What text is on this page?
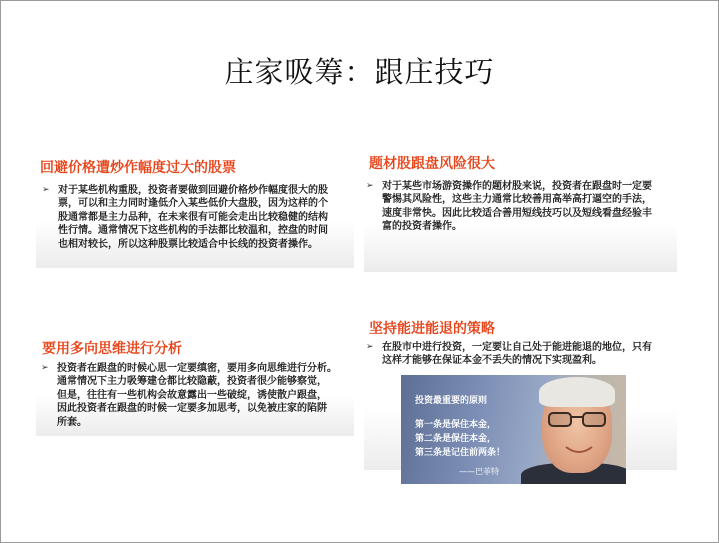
庄家吸筹：跟庄技巧
回避价格遭炒作幅度过大的股票
➢ 对于某些机构重股，投资者要做到回避价格炒作幅度很大的股
票，可以和主力同时逢低介入某些低价大盘股，因为这样的个
股通常都是主力品种，在未来很有可能会走出比较稳健的结构
性行情。通常情况下这些机构的手法都比较温和，控盘的时间
也相对较长，所以这种股票比较适合中长线的投资者操作。
题材股跟盘风险很大
➢ 对于某些市场游资操作的题材股来说，投资者在跟盘时一定要
警惕其风险性，这些主力通常比较善用高举高打逼空的手法，
速度非常快。因此比较适合善用短线技巧以及短线看盘经验丰
富的投资者操作。
要用多向思维进行分析
➢ 投资者在跟盘的时候心思一定要缜密，要用多向思维进行分析。
通常情况下主力吸筹建仓都比较隐蔽，投资者很少能够察觉，
但是，往往有一些机构会故意露出一些破绽，诱使散户跟盘，
因此投资者在跟盘的时候一定要多加思考，以免被庄家的陷阱
所套。
坚持能进能退的策略
➢ 在股市中进行投资，一定要让自己处于能进能退的地位，只有
这样才能够在保证本金不丢失的情况下实现盈利。
投资最重要的原则
第一条是保住本金，
第二条是保住本金，
第三条是记住前两条！
——巴菲特
